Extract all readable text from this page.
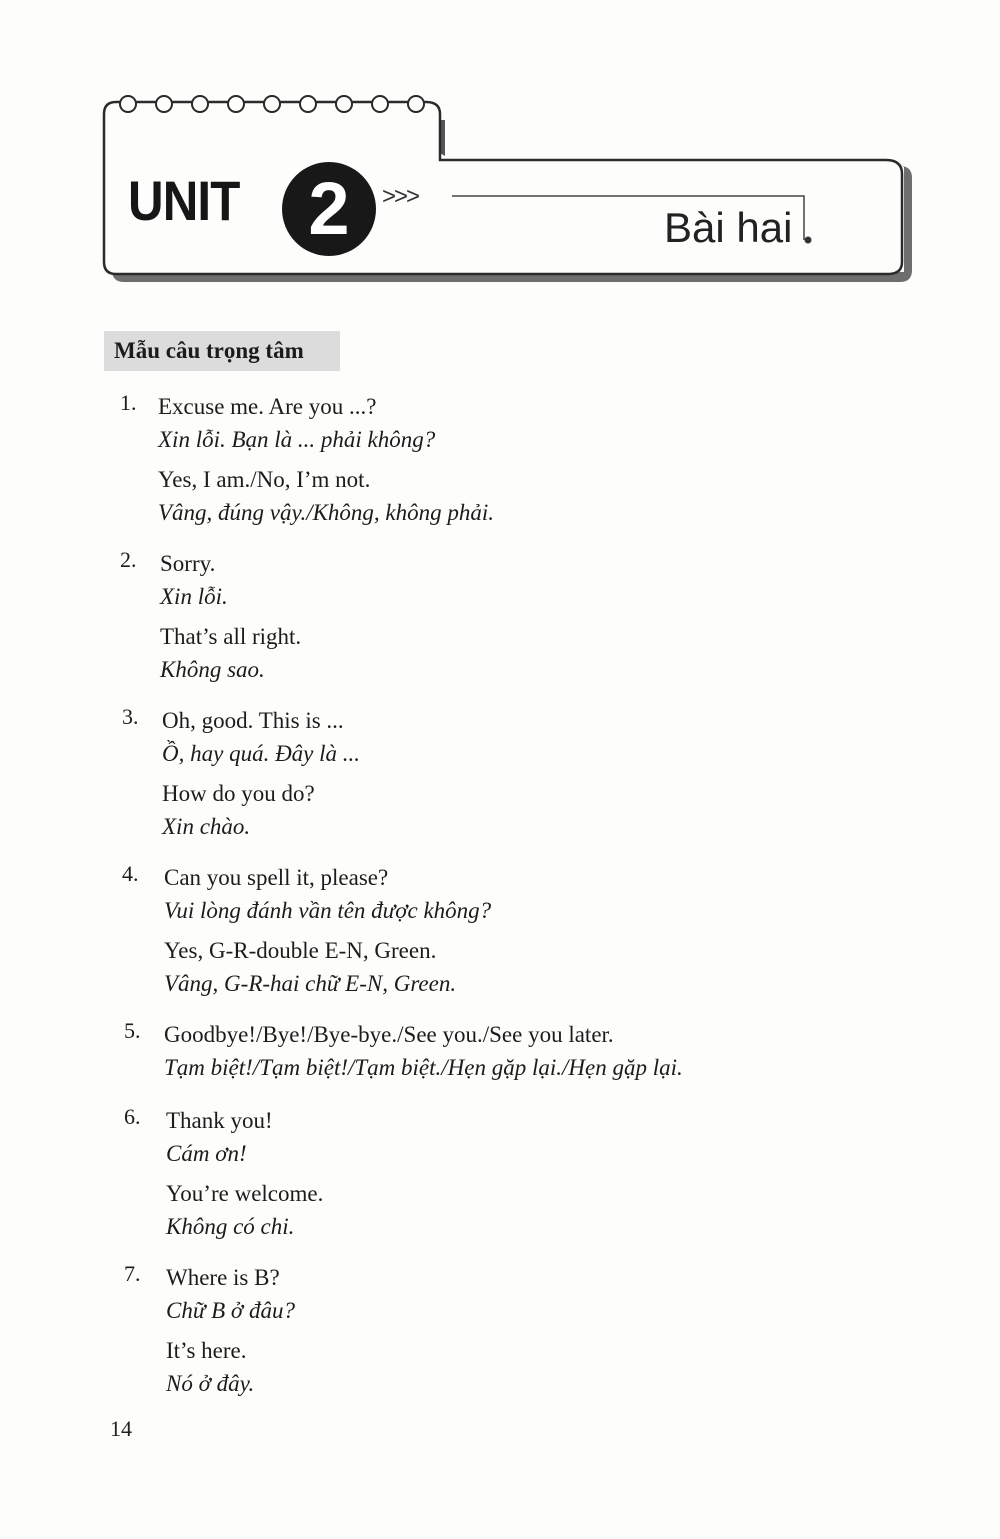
UNIT 2	>>>
Bài hai
Mẫu câu trọng tâm
1. Excuse me. Are you ...?
Xin lỗi. Bạn là ... phải không?
Yes, I am./No, I’m not.
Vâng, đúng vậy./Không, không phải.
2.	Sorry.
Xin lỗi.
That’s all right.
Không sao.
3.	Oh, good. This is ...
Ồ, hay quá. Đây là ...
How do you do?
Xin chào.
4.	Can you spell it, please?
Vui lòng đánh vần tên được không?
Yes, G-R-double E-N, Green.
Vâng, G-R-hai chữ E-N, Green.
5.	Goodbye!/Bye!/Bye-bye./See you./See you later.
Tạm biệt!/Tạm biệt!/Tạm biệt./Hẹn gặp lại./Hẹn gặp lại.
6.	Thank you!
Cám ơn!
You’re welcome.
Không có chi.
7.	Where is B?
Chữ B ở đâu?
It’s here.
Nó ở đây.
14
